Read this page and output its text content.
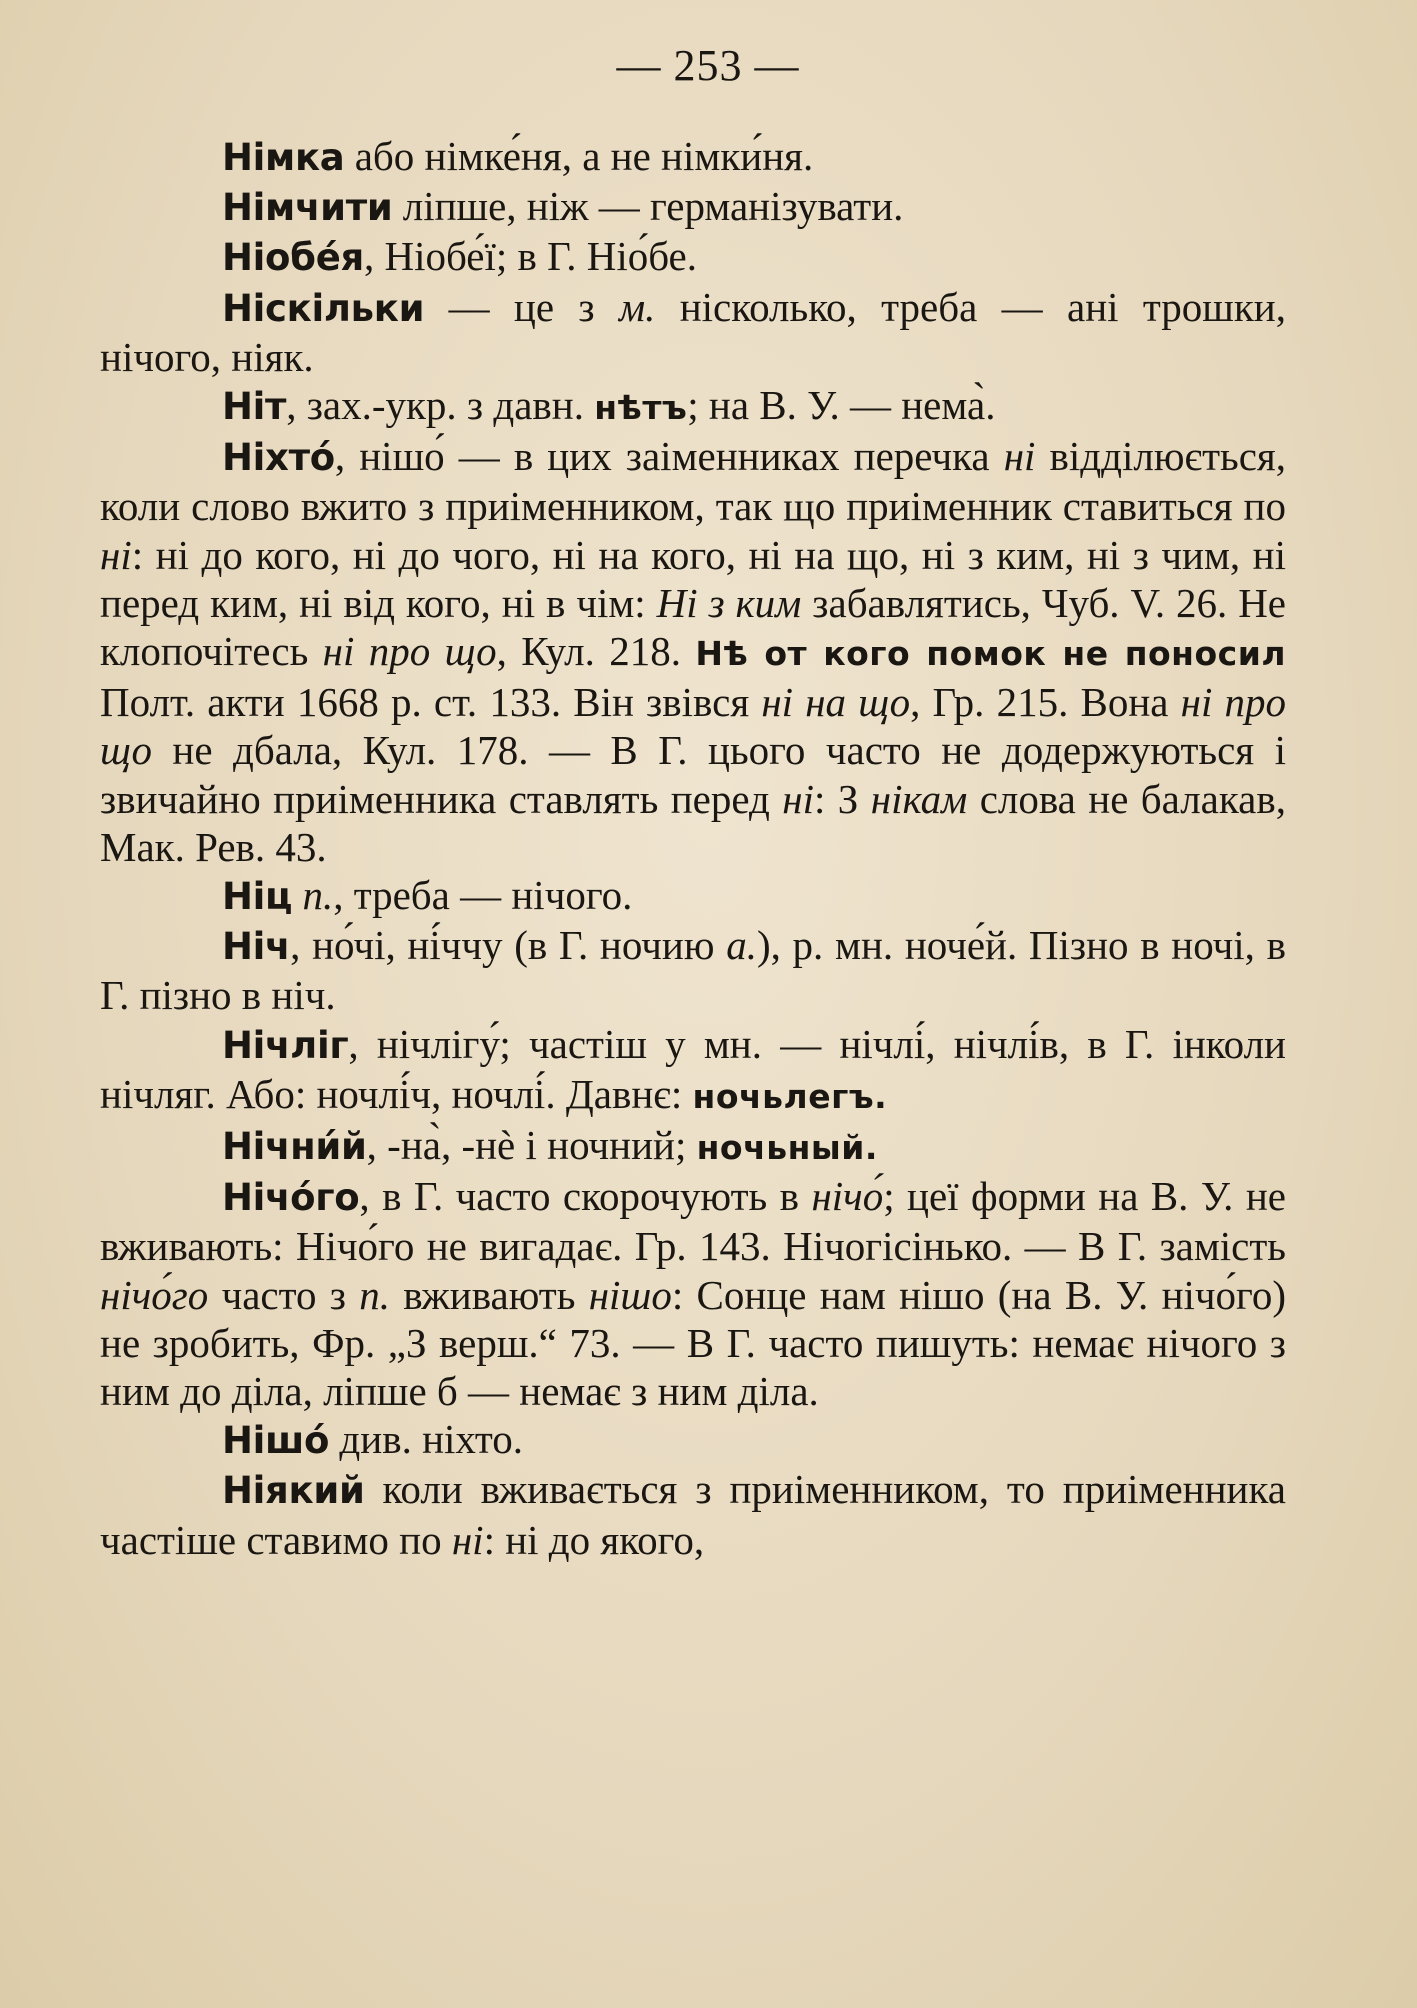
— 253 —

Німка або німке́ня, а не німки́ня.

Німчити ліпше, ніж — германізувати.

Ніобе́я, Ніобе́ї; в Г. Ніо́бе.

Ніскільки — це з м. нісколько, треба — ані трошки, нічого, ніяк.

Ніт, зах.-укр. з давн. нѣтъ; на В. У. — нема̀.

Ніхто́, нішо́ — в цих заіменниках перечка ні відділюється, коли слово вжито з приіменником, так що приіменник ставиться по ні: ні до кого, ні до чого, ні на кого, ні на що, ні з ким, ні з чим, ні перед ким, ні від кого, ні в чім: Ні з ким забавлятись, Чуб. V. 26. Не клопочітесь ні про що, Кул. 218. Нѣ от кого помок не поносил Полт. акти 1668 р. ст. 133. Він звівся ні на що, Гр. 215. Вона ні про що не дбала, Кул. 178. — В Г. цього часто не додержуються і звичайно приіменника ставлять перед ні: З нікам слова не балакав, Мак. Рев. 43.

Ніц п., треба — нічого.

Ніч, но́чі, ні́ччу (в Г. ночию а.), р. мн. ноче́й. Пізно в ночі, в Г. пізно в ніч.

Нічліг, нічлігу́; частіш у мн. — нічлі́, нічлі́в, в Г. інколи нічляг. Або: ночлі́ч, ночлі́. Давнє: ночьлегъ.

Нічни́й, -на̀, -нѐ і ночний; ночьный.

Нічо́го, в Г. часто скорочують в нічо́; цеї форми на В. У. не вживають: Нічо́го не вигадає. Гр. 143. Нічогісінько. — В Г. замість нічо́го часто з п. вживають нішо: Сонце нам нішо (на В. У. нічо́го) не зробить, Фр. „З верш.“ 73. — В Г. часто пишуть: немає нічого з ним до діла, ліпше б — немає з ним діла.

Нішо́ див. ніхто.

Ніякий коли вживається з приіменником, то приіменника частіше ставимо по ні: ні до якого,
